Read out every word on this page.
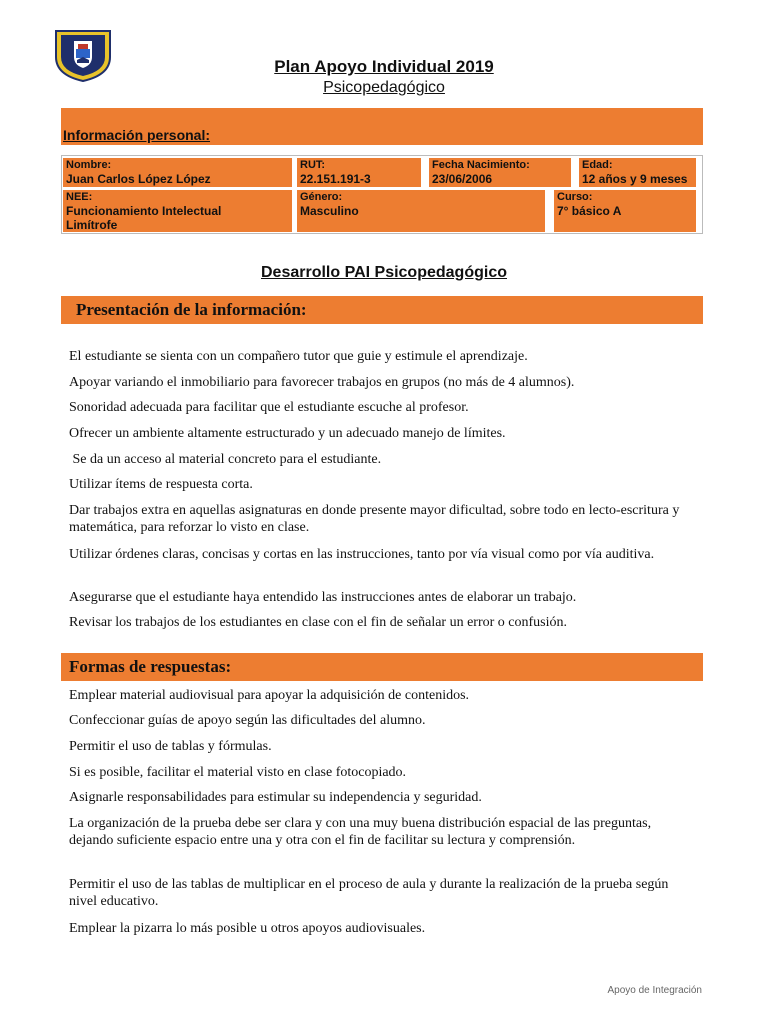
Plan Apoyo Individual 2019
Psicopedagógico
Información personal:
Nombre:
Juan Carlos López López
RUT:
22.151.191-3
Fecha Nacimiento:
23/06/2006
Edad:
12 años y 9 meses
NEE:
Funcionamiento Intelectual
Limítrofe
Género:
Masculino
Curso:
7° básico A
Desarrollo PAI Psicopedagógico
Presentación de la información:
El estudiante se sienta con un compañero tutor que guie y estimule el aprendizaje.
Apoyar variando el inmobiliario para favorecer trabajos en grupos (no más de 4 alumnos).
Sonoridad adecuada para facilitar que el estudiante escuche al profesor.
Ofrecer un ambiente altamente estructurado y un adecuado manejo de límites.
Se da un acceso al material concreto para el estudiante.
Utilizar ítems de respuesta corta.
Dar trabajos extra en aquellas asignaturas en donde presente mayor dificultad, sobre todo en lecto-escritura y matemática, para reforzar lo visto en clase.
Utilizar órdenes claras, concisas y cortas en las instrucciones, tanto por vía visual como por vía auditiva.
Asegurarse que el estudiante haya entendido las instrucciones antes de elaborar un trabajo.
Revisar los trabajos de los estudiantes en clase con el fin de señalar un error o confusión.
Formas de respuestas:
Emplear material audiovisual para apoyar la adquisición de contenidos.
Confeccionar guías de apoyo según las dificultades del alumno.
Permitir el uso de tablas y fórmulas.
Si es posible, facilitar el material visto en clase fotocopiado.
Asignarle responsabilidades para estimular su independencia y seguridad.
La organización de la prueba debe ser clara y con una muy buena distribución espacial de las preguntas, dejando suficiente espacio entre una y otra con el fin de facilitar su lectura y comprensión.
Permitir el uso de las tablas de multiplicar en el proceso de aula y durante la realización de la prueba según nivel educativo.
Emplear la pizarra lo más posible u otros apoyos audiovisuales.
Apoyo de Integración
